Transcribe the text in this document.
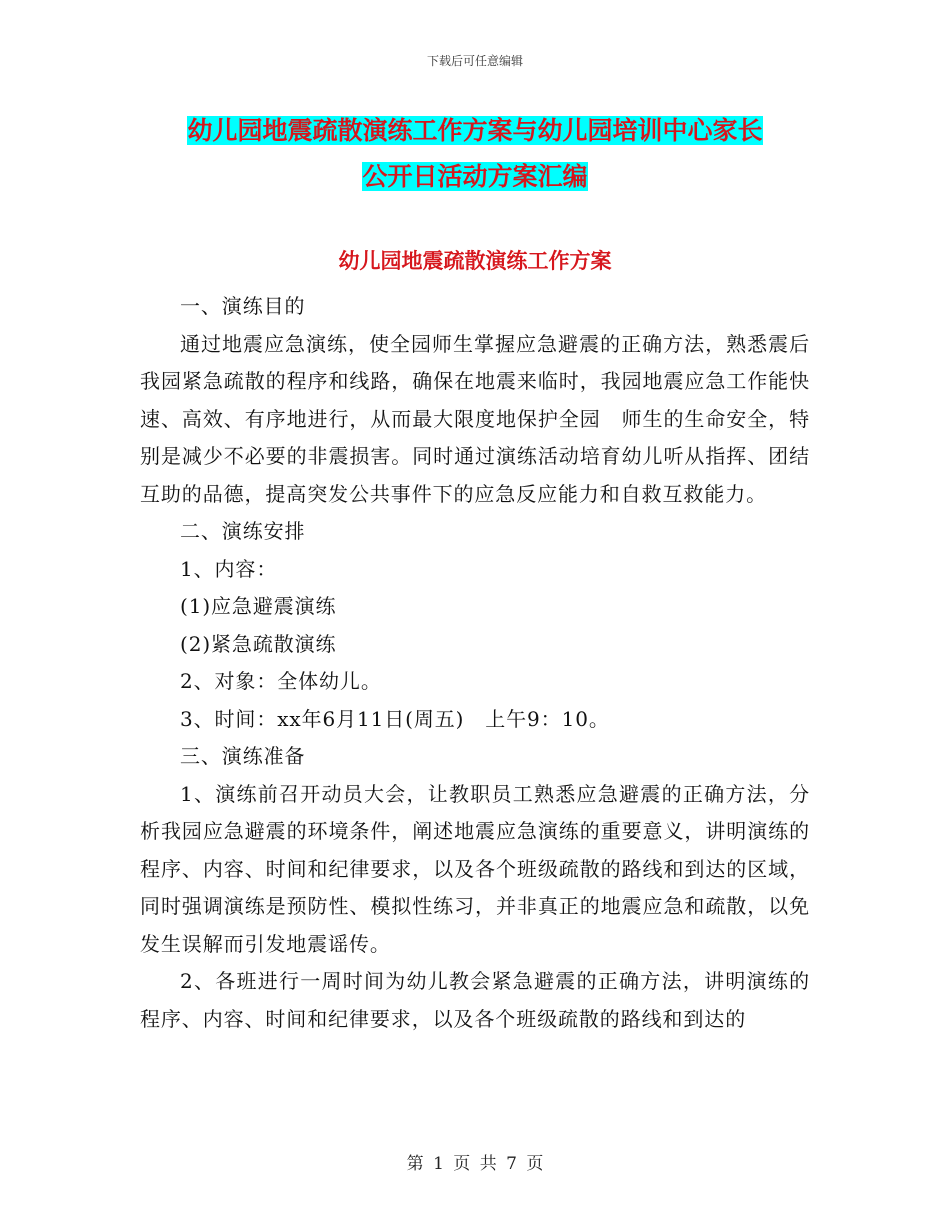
下载后可任意编辑
幼儿园地震疏散演练工作方案与幼儿园培训中心家长
公开日活动方案汇编
幼儿园地震疏散演练工作方案

一、演练目的

通过地震应急演练，使全园师生掌握应急避震的正确方法，熟悉震后我园紧急疏散的程序和线路，确保在地震来临时，我园地震应急工作能快速、高效、有序地进行，从而最大限度地保护全园　师生的生命安全，特别是减少不必要的非震损害。同时通过演练活动培育幼儿听从指挥、团结互助的品德，提高突发公共事件下的应急反应能力和自救互救能力。

二、演练安排

1、内容：

(1)应急避震演练

(2)紧急疏散演练

2、对象：全体幼儿。

3、时间：xx年6月11日(周五)　上午9：10。

三、演练准备

1、演练前召开动员大会，让教职员工熟悉应急避震的正确方法，分析我园应急避震的环境条件，阐述地震应急演练的重要意义，讲明演练的程序、内容、时间和纪律要求，以及各个班级疏散的路线和到达的区域，同时强调演练是预防性、模拟性练习，并非真正的地震应急和疏散，以免发生误解而引发地震谣传。

2、各班进行一周时间为幼儿教会紧急避震的正确方法，讲明演练的程序、内容、时间和纪律要求，以及各个班级疏散的路线和到达的

第 1 页 共 7 页
